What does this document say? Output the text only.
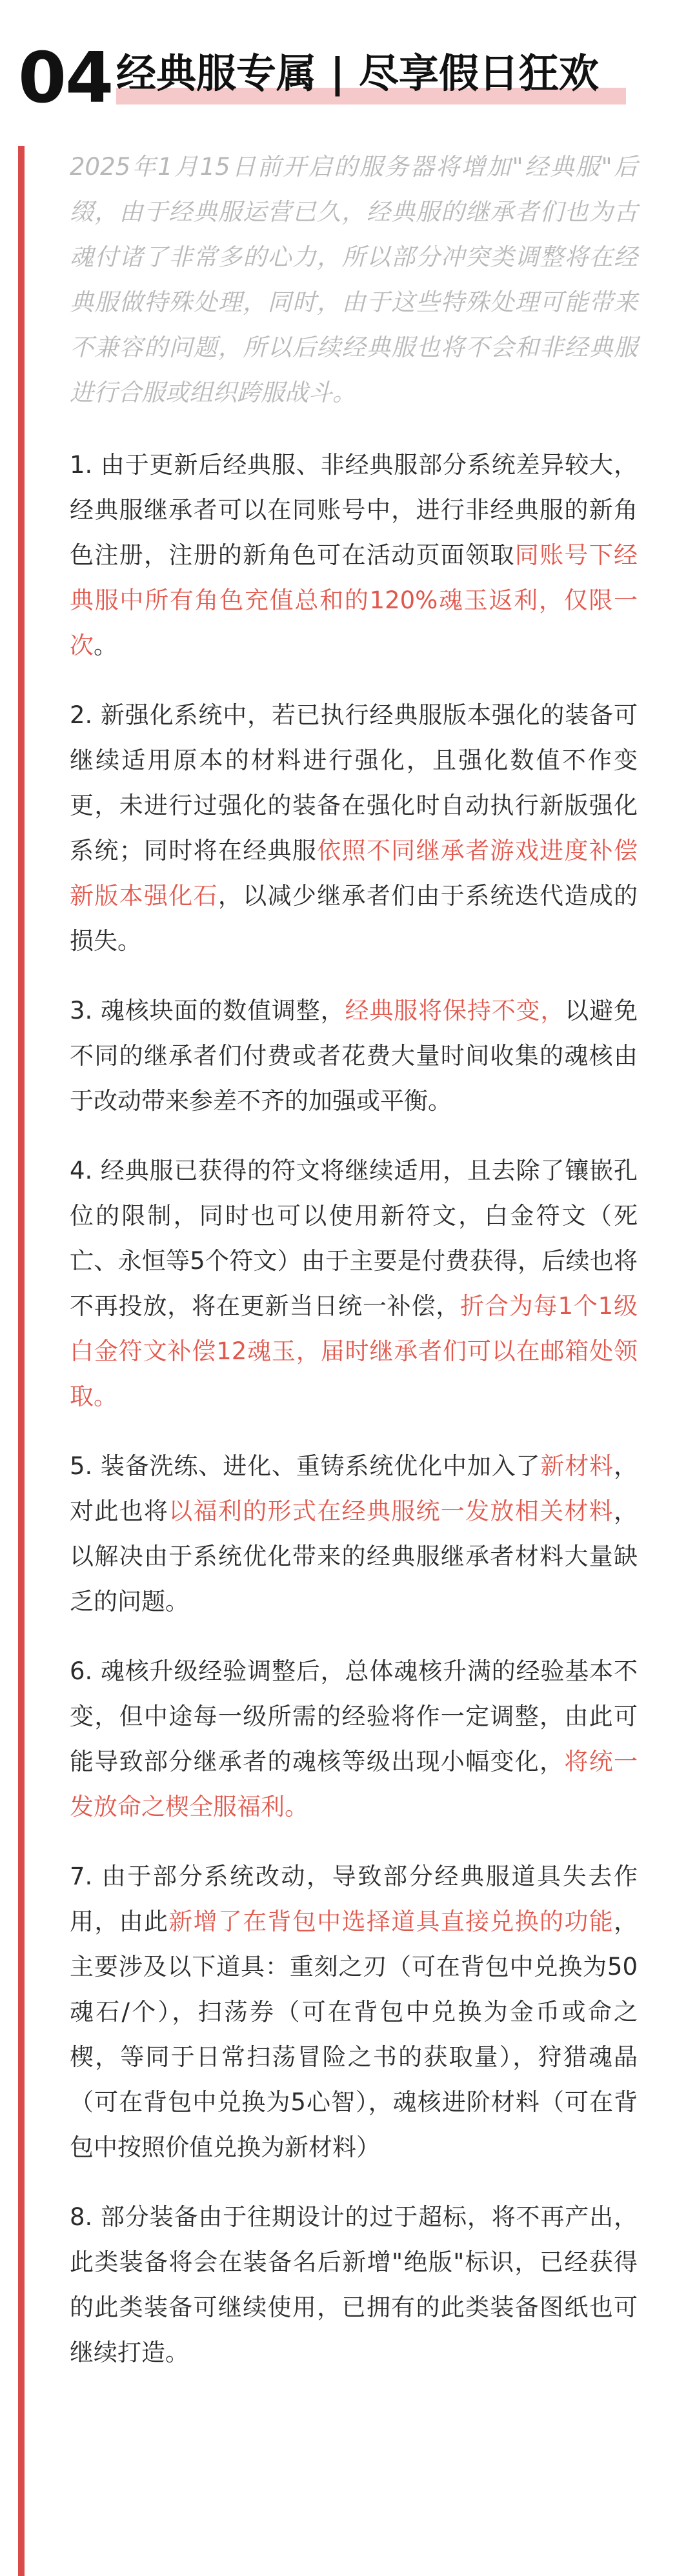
04 经典服专属 | 尽享假日狂欢

2025年1月15日前开启的服务器将增加"经典服"后缀，由于经典服运营已久，经典服的继承者们也为古魂付诸了非常多的心力，所以部分冲突类调整将在经典服做特殊处理，同时，由于这些特殊处理可能带来不兼容的问题，所以后续经典服也将不会和非经典服进行合服或组织跨服战斗。

1. 由于更新后经典服、非经典服部分系统差异较大，经典服继承者可以在同账号中，进行非经典服的新角色注册，注册的新角色可在活动页面领取同账号下经典服中所有角色充值总和的120%魂玉返利，仅限一次。

2. 新强化系统中，若已执行经典服版本强化的装备可继续适用原本的材料进行强化，且强化数值不作变更，未进行过强化的装备在强化时自动执行新版强化系统；同时将在经典服依照不同继承者游戏进度补偿新版本强化石，以减少继承者们由于系统迭代造成的损失。

3. 魂核块面的数值调整，经典服将保持不变，以避免不同的继承者们付费或者花费大量时间收集的魂核由于改动带来参差不齐的加强或平衡。

4. 经典服已获得的符文将继续适用，且去除了镶嵌孔位的限制，同时也可以使用新符文，白金符文（死亡、永恒等5个符文）由于主要是付费获得，后续也将不再投放，将在更新当日统一补偿，折合为每1个1级白金符文补偿12魂玉，届时继承者们可以在邮箱处领取。

5. 装备洗练、进化、重铸系统优化中加入了新材料，对此也将以福利的形式在经典服统一发放相关材料，以解决由于系统优化带来的经典服继承者材料大量缺乏的问题。

6. 魂核升级经验调整后，总体魂核升满的经验基本不变，但中途每一级所需的经验将作一定调整，由此可能导致部分继承者的魂核等级出现小幅变化，将统一发放命之楔全服福利。

7. 由于部分系统改动，导致部分经典服道具失去作用，由此新增了在背包中选择道具直接兑换的功能，主要涉及以下道具：重刻之刃（可在背包中兑换为50魂石/个），扫荡券（可在背包中兑换为金币或命之楔，等同于日常扫荡冒险之书的获取量），狩猎魂晶（可在背包中兑换为5心智），魂核进阶材料（可在背包中按照价值兑换为新材料）

8. 部分装备由于往期设计的过于超标，将不再产出，此类装备将会在装备名后新增"绝版"标识，已经获得的此类装备可继续使用，已拥有的此类装备图纸也可继续打造。
